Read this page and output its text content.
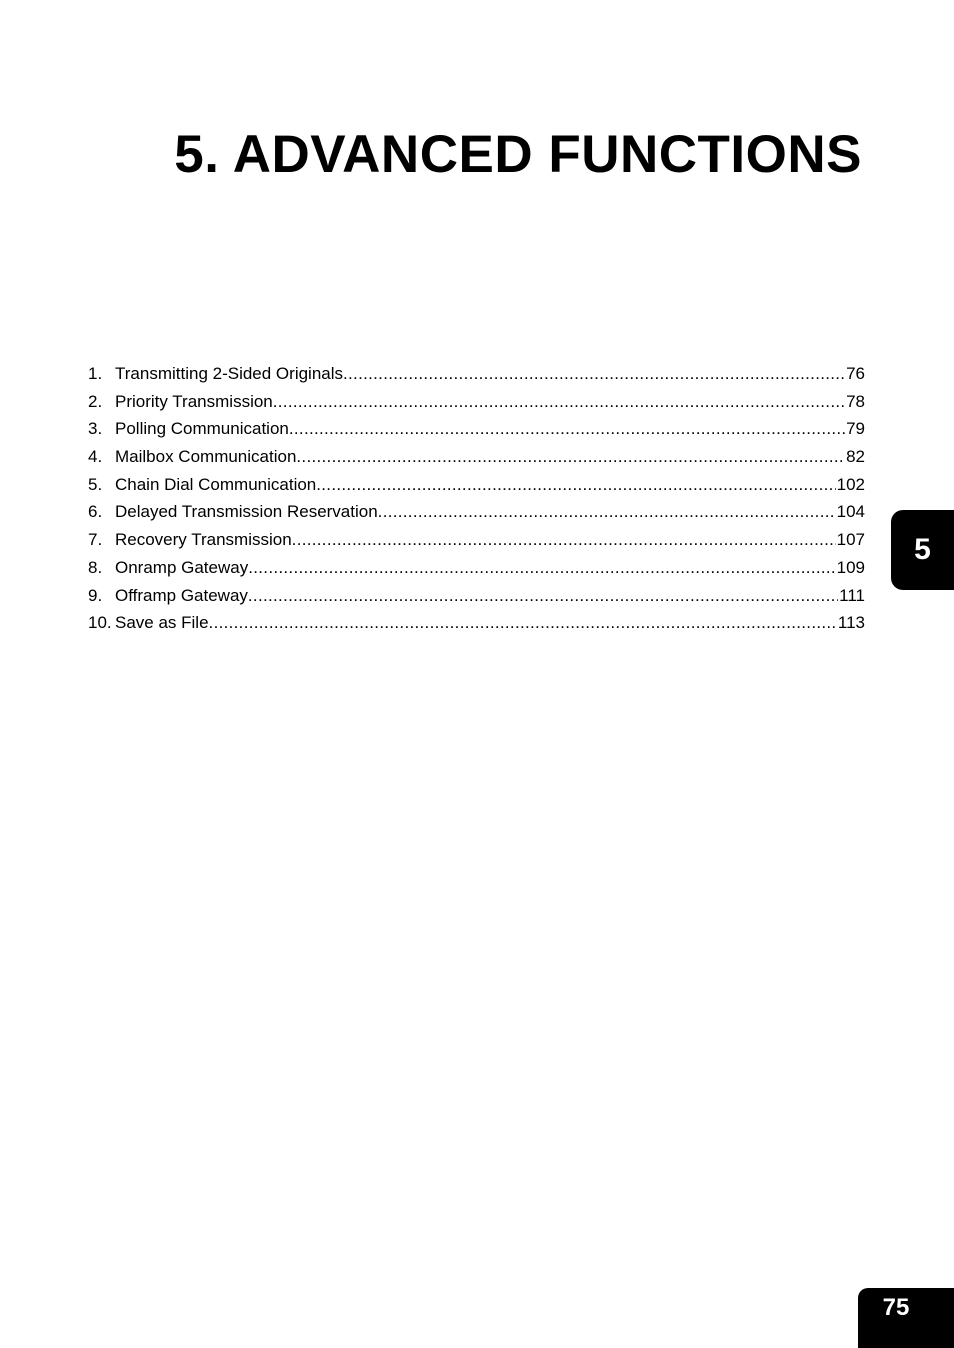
5. ADVANCED FUNCTIONS
1. Transmitting 2-Sided Originals .....	76
2. Priority Transmission .....	78
3. Polling Communication .....	79
4. Mailbox Communication .....	82
5. Chain Dial Communication .....	102
6. Delayed Transmission Reservation .....	104
7. Recovery Transmission .....	107
8. Onramp Gateway .....	109
9. Offramp Gateway .....	111
10. Save as File .....	113
5
75
